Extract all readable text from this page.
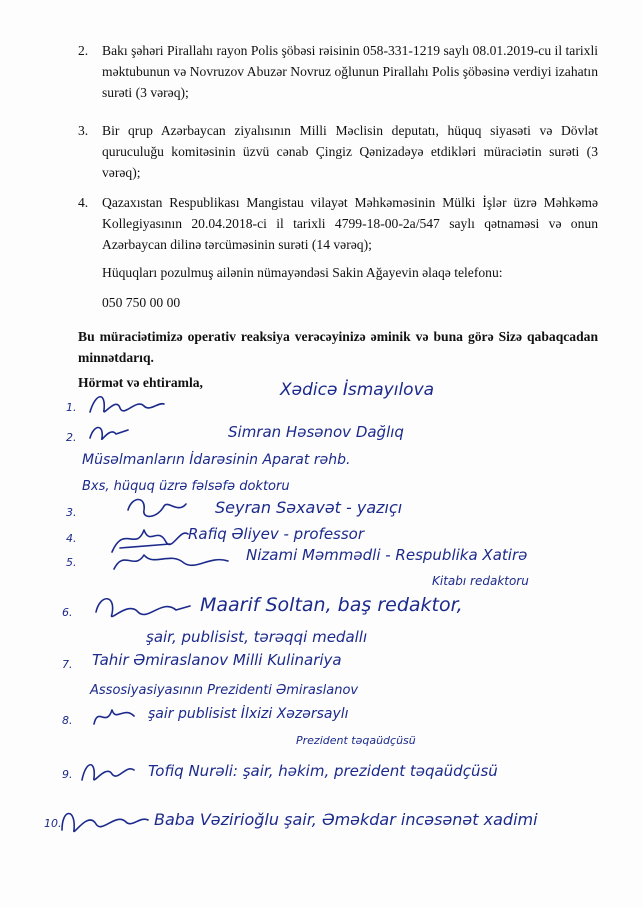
2. Bakı şəhəri Pirallahı rayon Polis şöbəsi rəisinin 058-331-1219 saylı 08.01.2019-cu il tarixli məktubunun və Novruzov Abuzər Novruz oğlunun Pirallahı Polis şöbəsinə verdiyi izahatın surəti (3 vərəq);
3. Bir qrup Azərbaycan ziyalısının Milli Məclisin deputatı, hüquq siyasəti və Dövlət quruculuğu komitəsinin üzvü cənab Çingiz Qənizadəyə etdikləri müraciətin surəti (3 vərəq);
4. Qazaxıstan Respublikası Mangistau vilayət Məhkəməsinin Mülki İşlər üzrə Məhkəmə Kollegiyasının 20.04.2018-ci il tarixli 4799-18-00-2a/547 saylı qətnaməsi və onun Azərbaycan dilinə tərcüməsinin surəti (14 vərəq);
Hüquqları pozulmuş ailənin nümayəndəsi Sakin Ağayevin əlaqə telefonu:
050 750 00 00
Bu müraciətimizə operativ reaksiya verəcəyinizə əminik və buna görə Sizə qabaqcadan minnətdarıq.
Hörmət və ehtiramla,
1.
Xədicə İsmayılova
2.	Simran Həsənov Dağlıq
Müsəlmanların İdarəsinin Аparat rəhb.
Bxs, hüquq üzrə fəlsəfə doktoru
3.	Seyran Səxavət - yazıçı
4.	Rafiq Əliyev - professor
5.	Nizami Məmmədli - Respublika Xatirə
Kitabı redaktoru
6.	Maarif Soltan, baş redaktor,
şair, publisist, tərəqqi medallı
7. Tahir Əmiraslanov Milli Kulinariya
Assosiyasiyasının Prezidenti Əmiraslanov
8.	şair publisist İlxizi Xəzərsaylı
Prezident təqaüdçüsü
9.	Tofiq Nurəli: şair, həkim, prezident təqaüdçüsü
10.	Baba Vəzirioğlu şair, Əməkdar incəsənət xadimi
